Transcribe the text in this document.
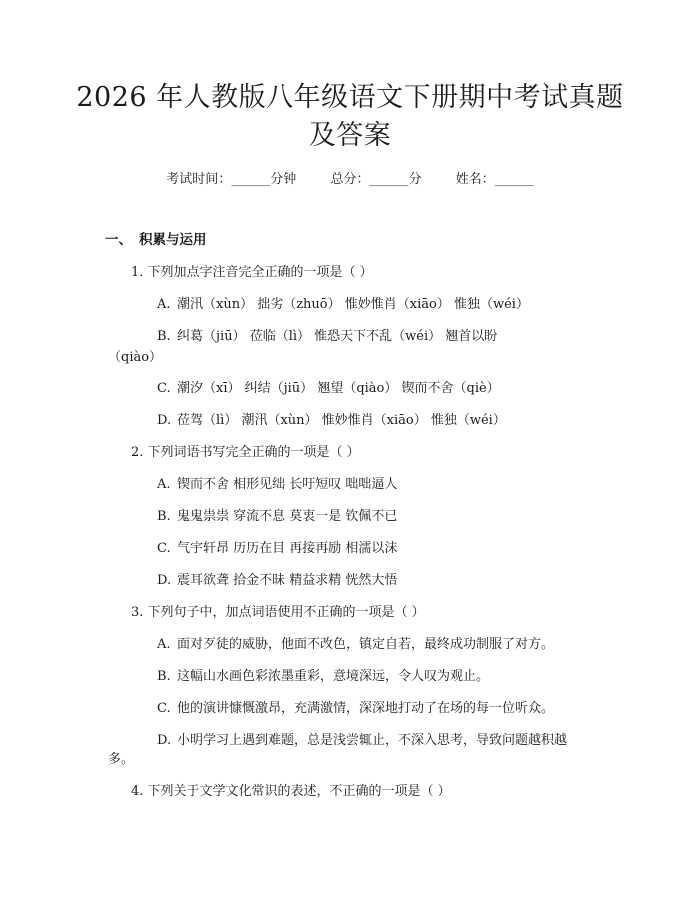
2026 年人教版八年级语文下册期中考试真题
及答案
考试时间：______分钟	总分：______分	姓名：______
一、 积累与运用
1. 下列加点字注音完全正确的一项是（ ）
A. 潮汛（xùn） 拙劣（zhuō） 惟妙惟肖（xiāo） 惟独（wéi）
B. 纠葛（jiū） 莅临（lì） 惟恐天下不乱（wéi） 翘首以盼
（qiào）
C. 潮汐（xī） 纠结（jiū） 翘望（qiào） 锲而不舍（qiè）
D. 莅驾（lì） 潮汛（xùn） 惟妙惟肖（xiāo） 惟独（wéi）
2. 下列词语书写完全正确的一项是（ ）
A. 锲而不舍 相形见绌 长吁短叹 咄咄逼人
B. 鬼鬼祟祟 穿流不息 莫衷一是 钦佩不已
C. 气宇轩昂 历历在目 再接再励 相濡以沫
D. 震耳欲聋 拾金不昧 精益求精 恍然大悟
3. 下列句子中，加点词语使用不正确的一项是（ ）
A. 面对歹徒的威胁，他面不改色，镇定自若，最终成功制服了对方。
B. 这幅山水画色彩浓墨重彩，意境深远，令人叹为观止。
C. 他的演讲慷慨激昂，充满激情，深深地打动了在场的每一位听众。
D. 小明学习上遇到难题，总是浅尝辄止，不深入思考，导致问题越积越
多。
4. 下列关于文学文化常识的表述，不正确的一项是（ ）
